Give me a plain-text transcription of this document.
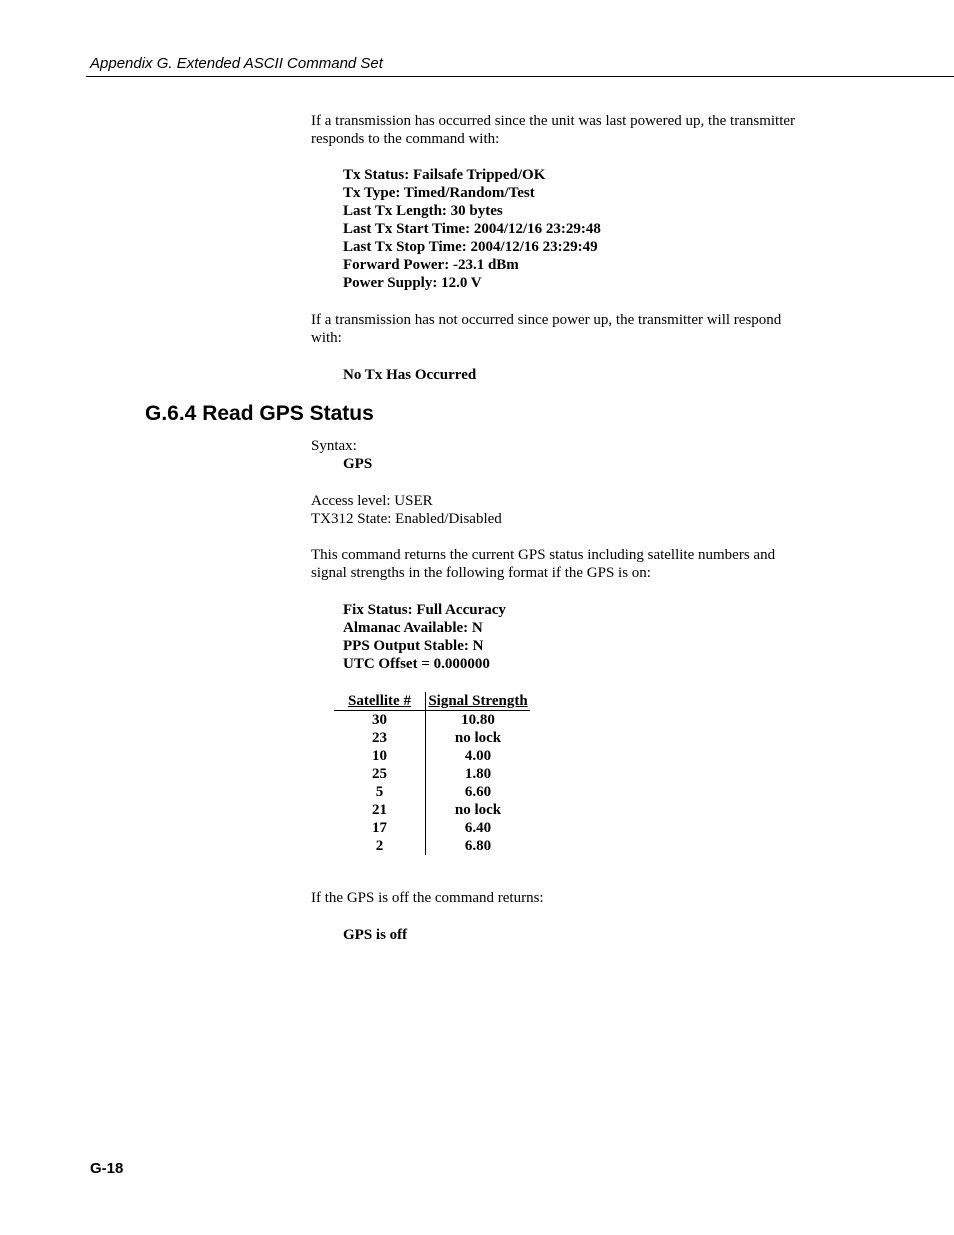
Appendix G. Extended ASCII Command Set
If a transmission has occurred since the unit was last powered up, the transmitter responds to the command with:
Tx Status: Failsafe Tripped/OK
Tx Type: Timed/Random/Test
Last Tx Length: 30 bytes
Last Tx Start Time: 2004/12/16 23:29:48
Last Tx Stop Time: 2004/12/16 23:29:49
Forward Power: -23.1 dBm
Power Supply: 12.0 V
If a transmission has not occurred since power up, the transmitter will respond with:
No Tx Has Occurred
G.6.4 Read GPS Status
Syntax:
GPS
Access level: USER
TX312 State: Enabled/Disabled
This command returns the current GPS status including satellite numbers and signal strengths in the following format if the GPS is on:
Fix Status: Full Accuracy
Almanac Available: N
PPS Output Stable: N
UTC Offset = 0.000000
Satellite #	Signal Strength
30	10.80
23	no lock
10	4.00
25	1.80
5	6.60
21	no lock
17	6.40
2	6.80
If the GPS is off the command returns:
GPS is off
G-18
